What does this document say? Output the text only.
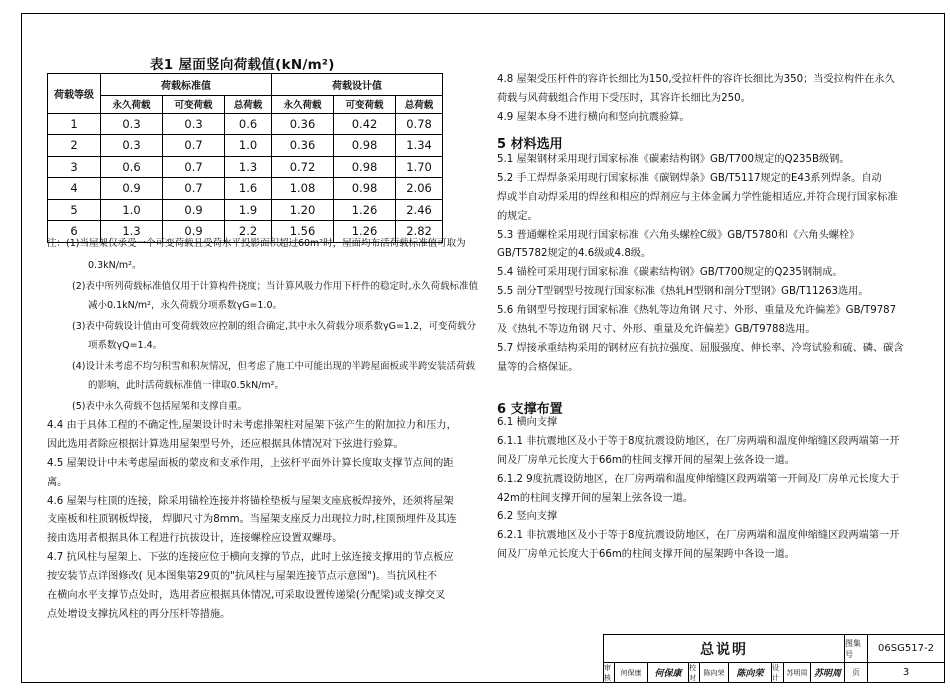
表1 屋面竖向荷载值(kN/m²)
荷载等级	荷载标准值			荷载设计值		
	永久荷载	可变荷载	总荷载	永久荷载	可变荷载	总荷载
1	0.3	0.3	0.6	0.36	0.42	0.78
2	0.3	0.7	1.0	0.36	0.98	1.34
3	0.6	0.7	1.3	0.72	0.98	1.70
4	0.9	0.7	1.6	1.08	0.98	2.06
5	1.0	0.9	1.9	1.20	1.26	2.46
6	1.3	0.9	2.2	1.56	1.26	2.82
注：(1)当屋架仅承受一个可变荷载且受荷水平投影面积超过60m²时，屋面均布活荷载标准值可取为
0.3kN/m²。
(2)表中所列荷载标准值仅用于计算构件挠度；当计算风吸力作用下杆件的稳定时,永久荷载标准值
减小0.1kN/m²，永久荷载分项系数γG=1.0。
(3)表中荷载设计值由可变荷载效应控制的组合确定,其中永久荷载分项系数γG=1.2，可变荷载分
项系数γQ=1.4。
(4)设计未考虑不均匀积雪和积灰情况，但考虑了施工中可能出现的半跨屋面板或半跨安装活荷载
的影响，此时活荷载标准值一律取0.5kN/m²。
(5)表中永久荷载不包括屋架和支撑自重。

4.4 由于具体工程的不确定性,屋架设计时未考虑排架柱对屋架下弦产生的附加拉力和压力，

因此选用者除应根据计算选用屋架型号外，还应根据具体情况对下弦进行验算。

4.5 屋架设计中未考虑屋面板的蒙皮和支承作用，上弦杆平面外计算长度取支撑节点间的距离。

4.6 屋架与柱顶的连接，除采用锚栓连接并将锚栓垫板与屋架支座底板焊接外，还须将屋架

支座板和柱顶钢板焊接， 焊脚尺寸为8mm。当屋架支座反力出现拉力时,柱顶预埋件及其连

接由选用者根据具体工程进行抗拔设计，连接螺栓应设置双螺母。

4.7 抗风柱与屋架上、下弦的连接应位于横向支撑的节点，此时上弦连接支撑用的节点板应

按安装节点详图修改( 见本图集第29页的"抗风柱与屋架连接节点示意图")。当抗风柱不

在横向水平支撑节点处时，选用者应根据具体情况,可采取设置传递梁(分配梁)或支撑交叉

点处增设支撑抗风柱的再分压杆等措施。

4.8 屋架受压杆件的容许长细比为150,受拉杆件的容许长细比为350；当受拉构件在永久

荷载与风荷载组合作用下受压时，其容许长细比为250。

4.9 屋架本身不进行横向和竖向抗震验算。

5 材料选用

5.1 屋架钢材采用现行国家标准《碳素结构钢》GB/T700规定的Q235B级钢。

5.2 手工焊焊条采用现行国家标准《碳钢焊条》GB/T5117规定的E43系列焊条。自动

焊或半自动焊采用的焊丝和相应的焊剂应与主体金属力学性能相适应,并符合现行国家标准

的规定。

5.3 普通螺栓采用现行国家标准《六角头螺栓C级》GB/T5780和《六角头螺栓》

GB/T5782规定的4.6级或4.8级。

5.4 锚栓可采用现行国家标准《碳素结构钢》GB/T700规定的Q235钢制成。

5.5 剖分T型钢型号按现行国家标准《热轧H型钢和剖分T型钢》GB/T11263选用。

5.6 角钢型号按现行国家标准《热轧等边角钢 尺寸、外形、重量及允许偏差》GB/T9787

及《热轧不等边角钢 尺寸、外形、重量及允许偏差》GB/T9788选用。

5.7 焊接承重结构采用的钢材应有抗拉强度、屈服强度、伸长率、冷弯试验和硫、磷、碳含

量等的合格保证。

6 支撑布置

6.1 横向支撑

6.1.1 非抗震地区及小于等于8度抗震设防地区，在厂房两端和温度伸缩缝区段两端第一开

间及厂房单元长度大于66m的柱间支撑开间的屋架上弦各设一道。

6.1.2 9度抗震设防地区，在厂房两端和温度伸缩缝区段两端第一开间及厂房单元长度大于

42m的柱间支撑开间的屋架上弦各设一道。

6.2 竖向支撑

6.2.1 非抗震地区及小于等于8度抗震设防地区，在厂房两端和温度伸缩缝区段两端第一开

间及厂房单元长度大于66m的柱间支撑开间的屋架跨中各设一道。

总说明	图集号	06SG517-2
审核
何保康	何保康
校对
陈向荣	陈向荣
设计
苏明周 苏明周	页	3
